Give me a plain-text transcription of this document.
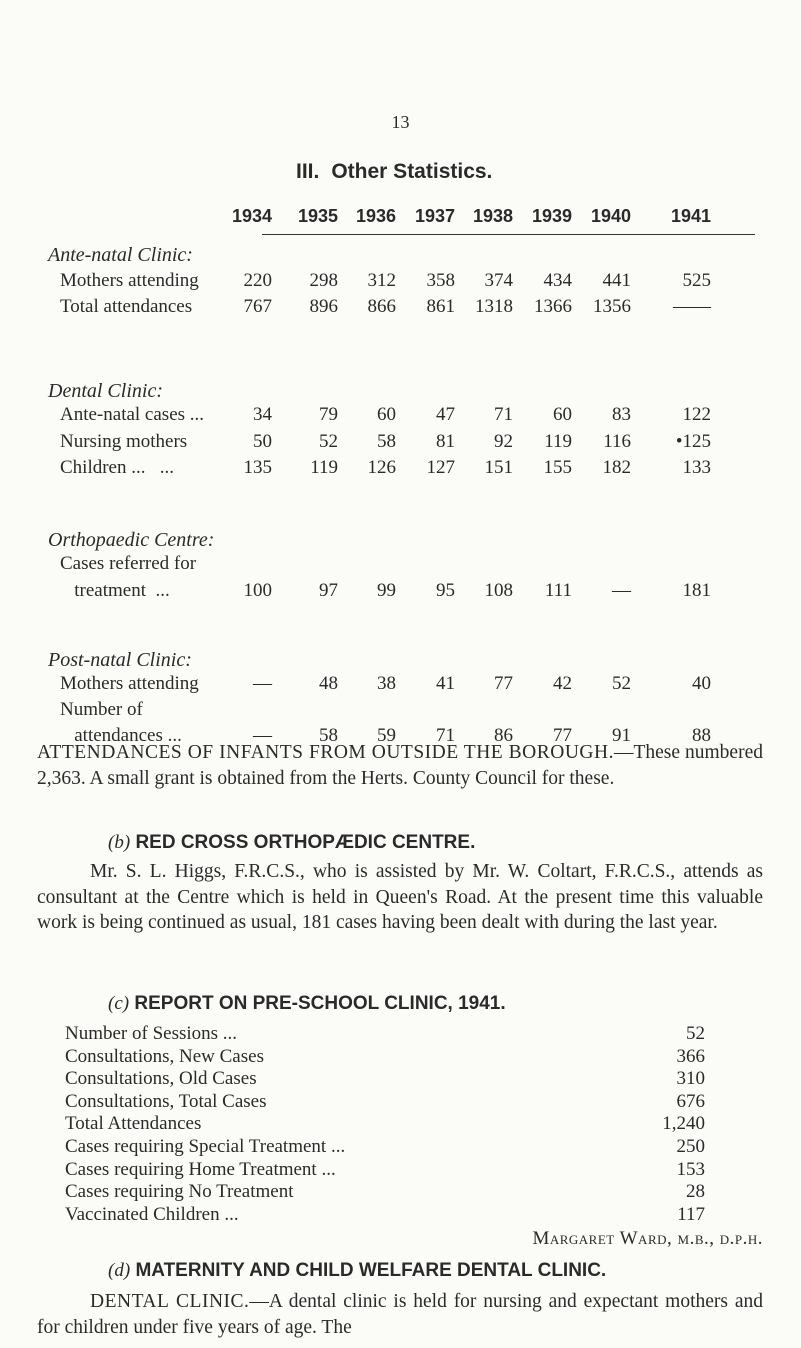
13
III. Other Statistics.
1934	1935 1936	1937 1938	1939	1940	1941
Ante-natal Clinic:
Mothers attending	220	298	312	358	374	434	441	525
Total attendances	767	896	866	861	1318	1366	1356	——
Dental Clinic:
Ante-natal cases ...	34	79	60	47	71	60	83	122
Nursing mothers	50	52	58	81	92	119	116	•125
Children ...   ...	135	119	126	127	151	155	182	133
Orthopaedic Centre:
Cases referred for
treatment  ...	100	97	99	95	108	111	—	181
Post-natal Clinic:
Mothers attending	—	48	38	41	77	42	52	40
Number of
attendances ...	—	58	59	71	86	77	91	88
ATTENDANCES OF INFANTS FROM OUTSIDE THE BOROUGH.—These numbered 2,363. A small grant is obtained from the Herts. County Council for these.
(b) RED CROSS ORTHOPÆDIC CENTRE.
Mr. S. L. Higgs, F.R.C.S., who is assisted by Mr. W. Coltart, F.R.C.S., attends as consultant at the Centre which is held in Queen's Road. At the present time this valuable work is being continued as usual, 181 cases having been dealt with during the last year.
(c) REPORT ON PRE-SCHOOL CLINIC, 1941.
Number of Sessions ...	52
Consultations, New Cases	366
Consultations, Old Cases	310
Consultations, Total Cases	676
Total Attendances	1,240
Cases requiring Special Treatment ...	250
Cases requiring Home Treatment ...	153
Cases requiring No Treatment	28
Vaccinated Children ...	117
Margaret Ward, m.b., d.p.h.
(d) MATERNITY AND CHILD WELFARE DENTAL CLINIC.
DENTAL CLINIC.—A dental clinic is held for nursing and expectant mothers and for children under five years of age. The
